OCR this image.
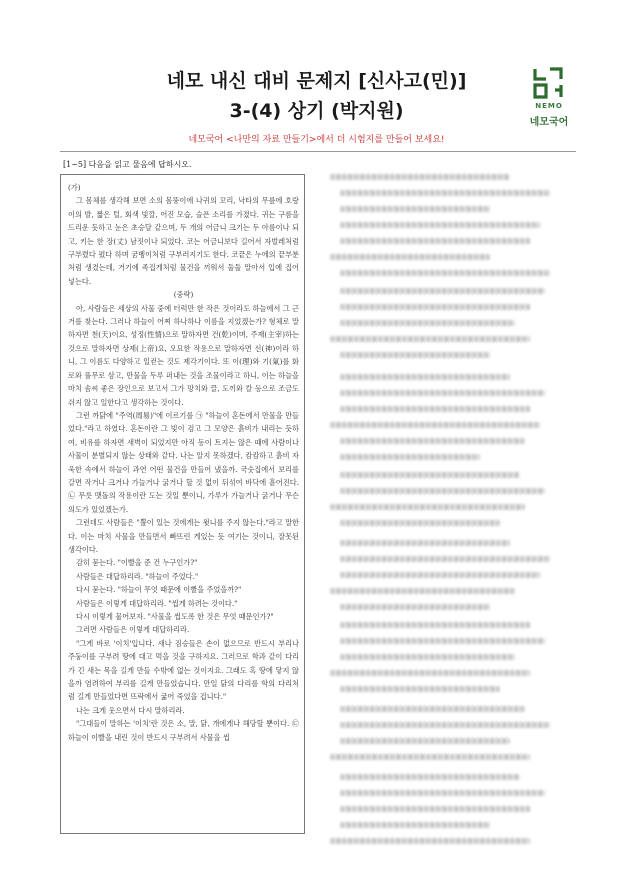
네모 내신 대비 문제지 [신사고(민)]
3-(4) 상기 (박지원)
네모국어 <나만의 자료 만들기>에서 더 시험지를 만들어 보세요!
NEMO
네모국어
[1~5] 다음을 읽고 물음에 답하시오.

(가)

그 몸체를 생각해 보면 소의 몸뚱이에 나귀의 꼬리, 낙타의 무릎에 호랑이의 발, 짧은 털, 회색 빛깔, 어진 모습, 슬픈 소리를 가졌다. 귀는 구름을 드리운 듯하고 눈은 초승달 같으며, 두 개의 어금니 크기는 두 아름이나 되고, 키는 한 장(丈) 남짓이나 되었다. 코는 어금니보다 길어서 자벌레처럼 구부렸다 폈다 하며 굼벵이처럼 구부러지기도 한다. 코끝은 누에의 끝부분처럼 생겼는데, 거기에 족집게처럼 물건을 끼워서 둘둘 말아서 입에 집어넣는다.

(중략)

아, 사람들은 세상의 사물 중에 터럭만 한 작은 것이라도 하늘에서 그 근거를 찾는다. 그러나 하늘이 어찌 하나하나 이름을 지었겠는가? 형체로 말하자면 천(天)이요, 성정(性情)으로 말하자면 건(乾)이며, 주재(主宰)하는 것으로 말하자면 상제(上帝)요, 오묘한 작용으로 말하자면 신(神)이라 하니, 그 이름도 다양하고 일컫는 것도 제각기이다. 또 이(理)와 기(氣)를 화로와 풀무로 삼고, 만물을 두루 퍼내는 것을 조물이라고 하니, 이는 하늘을 마치 솜씨 좋은 장인으로 보고서 그가 망치와 끌, 도끼와 칼 등으로 조금도 쉬지 않고 일한다고 생각하는 것이다.

그런 까닭에 "주역(周易)"에 이르기를 ㉠ "하늘이 혼돈에서 만물을 만들었다."라고 하였다. 혼돈이란 그 빛이 검고 그 모양은 흙비가 내리는 듯하여, 비유를 하자면 새벽이 되었지만 아직 동이 트지는 않은 때에 사람이나 사물이 분별되지 않는 상태와 같다. 나는 알지 못하겠다, 캄캄하고 흙비 자욱한 속에서 하늘이 과연 어떤 물건을 만들어 냈을까. 국숫집에서 보리를 갈면 작거나 크거나 가늘거나 굵거나 할 것 없이 뒤섞여 바닥에 흩어진다. ㉡ 무릇 맷돌의 작용이란 도는 것일 뿐이니, 가루가 가늘거나 굵거나 무슨 의도가 있었겠는가.

그런데도 사람들은 "뿔이 있는 것에게는 윗니를 주지 않는다."라고 말한다. 이는 마치 사물을 만들면서 빠뜨린 게있는 듯 여기는 것이니, 잘못된 생각이다.

감히 묻는다. "이빨을 준 건 누구인가?"

사람들은 대답하리라. "하늘이 주었다."

다시 묻는다. "하늘이 무엇 때문에 이빨을 주었을까?"

사람들은 이렇게 대답하리라. "씹게 하려는 것이다."

다시 이렇게 물어보자. "사물을 씹도록 한 것은 무엇 때문인가?"

그러면 사람들은 이렇게 대답하리라.

"그게 바로 '이치'입니다. 새나 짐승들은 손이 없으므로 반드시 부리나 주둥이를 구부려 땅에 대고 먹을 것을 구하지요. 그러므로 학과 같이 다리가 긴 새는 목을 길게 만들 수밖에 없는 것이지요. 그래도 혹 땅에 닿지 않을까 염려하여 부리를 길게 만들었습니다. 만일 닭의 다리를 학의 다리처럼 길게 만들었다면 뜨락에서 굶어 죽었을 겁니다."

나는 크게 웃으면서 다시 말하리라.

"그대들이 말하는 '이치'란 것은 소, 말, 닭, 개에게나 해당할 뿐이다. ㉢ 하늘이 이빨을 내린 것이 반드시 구부려서 사물을 씹
